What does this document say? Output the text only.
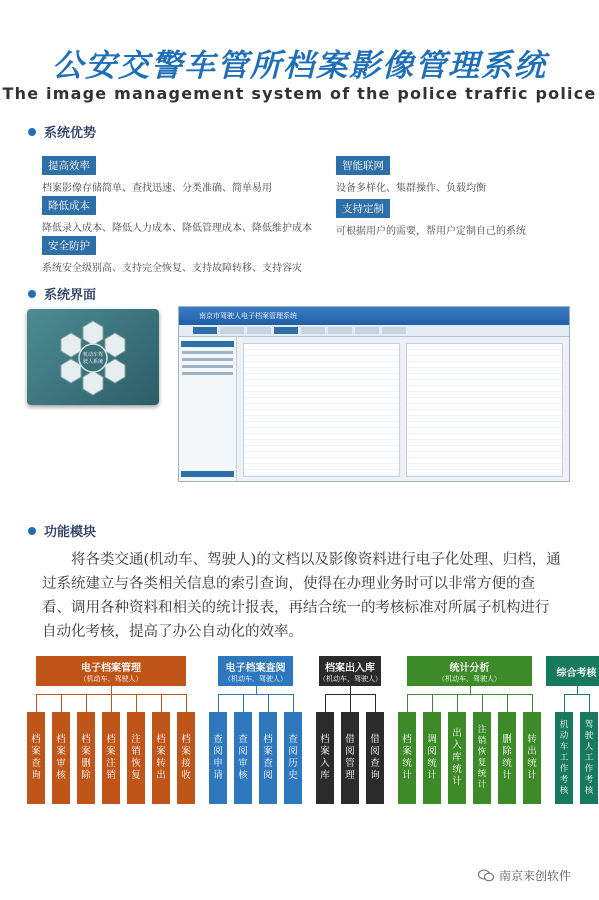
公安交警车管所档案影像管理系统
The image management system of the police traffic police
系统优势
提高效率
档案影像存储简单、查找迅速、分类准确、简单易用
降低成本
降低录入成本、降低人力成本、降低管理成本、降低维护成本
安全防护
系统安全级别高、支持完全恢复、支持故障转移、支持容灾
智能联网
设备多样化、集群操作、负载均衡
支持定制
可根据用户的需要，帮用户定制自己的系统
系统界面
机动车驾
驶人系统
南京市驾驶人电子档案管理系统
功能模块
将各类交通(机动车、驾驶人)的文档以及影像资料进行电子化处理、归档，通过系统建立与各类相关信息的索引查询，使得在办理业务时可以非常方便的查看、调用各种资料和相关的统计报表，再结合统一的考核标准对所属子机构进行自动化考核，提高了办公自动化的效率。
电子档案管理
（机动车、驾驶人）
档案查询
档案审核
档案删除
档案注销
注销恢复
档案转出
档案接收
电子档案查阅
（机动车、驾驶人）
查阅申请
查阅审核
档案查阅
查阅历史
档案出入库
（机动车、驾驶人）
档案入库
借阅管理
借阅查询
统计分析
（机动车、驾驶人）
档案统计
调阅统计
出入库统计
注销恢复统计
删除统计
转出统计
综合考核
机动车工作考核
驾驶人工作考核
南京来创软件
